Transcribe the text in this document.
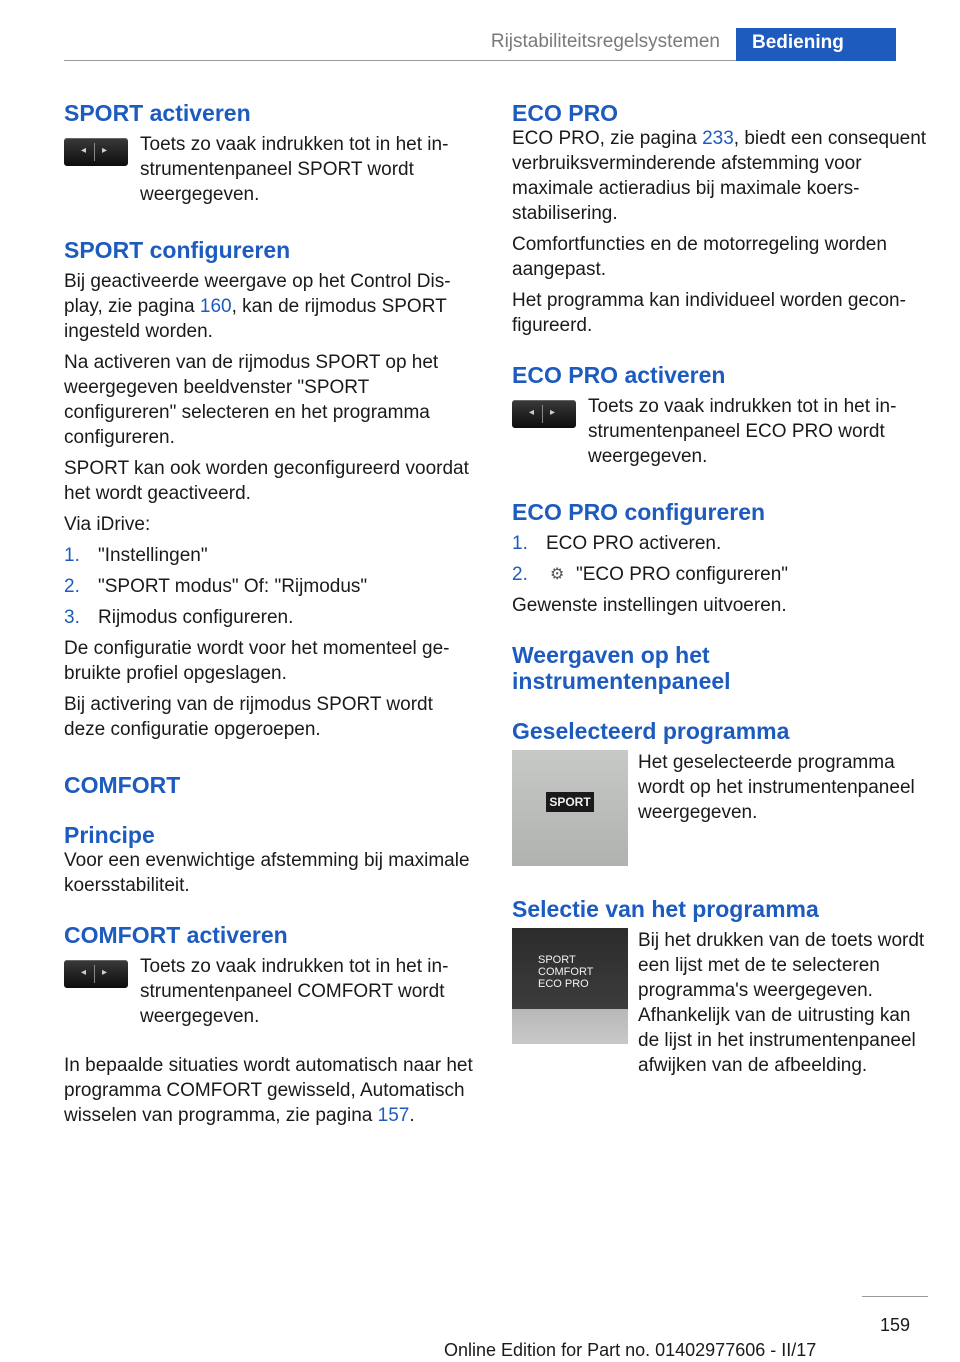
Rijstabiliteitsregelsystemen	Bediening
SPORT activeren
◂ ▸ Toets zo vaak indrukken tot in het instrumentenpaneel SPORT wordt weergegeven.

SPORT configureren

Bij geactiveerde weergave op het Control Display, zie pagina 160, kan de rijmodus SPORT ingesteld worden.

Na activeren van de rijmodus SPORT op het weergegeven beeldvenster "SPORT configureren" selecteren en het programma configureren.

SPORT kan ook worden geconfigureerd voordat het wordt geactiveerd.

Via iDrive:

1. "Instellingen"
2. "SPORT modus" Of: "Rijmodus"
3. Rijmodus configureren.

De configuratie wordt voor het momenteel gebruikte profiel opgeslagen.

Bij activering van de rijmodus SPORT wordt deze configuratie opgeroepen.

COMFORT
Principe

Voor een evenwichtige afstemming bij maximale koersstabiliteit.

COMFORT activeren
◂ ▸ Toets zo vaak indrukken tot in het instrumentenpaneel COMFORT wordt weergegeven.

In bepaalde situaties wordt automatisch naar het programma COMFORT gewisseld, Automatisch wisselen van programma, zie pagina 157.

ECO PRO

ECO PRO, zie pagina 233, biedt een consequent verbruiksverminderende afstemming voor maximale actieradius bij maximale koersstabilisering.

Comfortfuncties en de motorregeling worden aangepast.

Het programma kan individueel worden geconfigureerd.

ECO PRO activeren
◂ ▸ Toets zo vaak indrukken tot in het instrumentenpaneel ECO PRO wordt weergegeven.

ECO PRO configureren
1. ECO PRO activeren.
2.	⚙ "ECO PRO configureren"

Gewenste instellingen uitvoeren.

Weergaven op het instrumentenpaneel
Geselecteerd programma
SPORT

Het geselecteerde programma wordt op het instrumentenpaneel weergegeven.

Selectie van het programma
SPORT
COMFORT
ECO PRO

Bij het drukken van de toets wordt een lijst met de te selecteren programma's weergegeven. Afhankelijk van de uitrusting kan de lijst in het instrumentenpaneel afwijken van de afbeelding.

159
Online Edition for Part no. 01402977606 - II/17
